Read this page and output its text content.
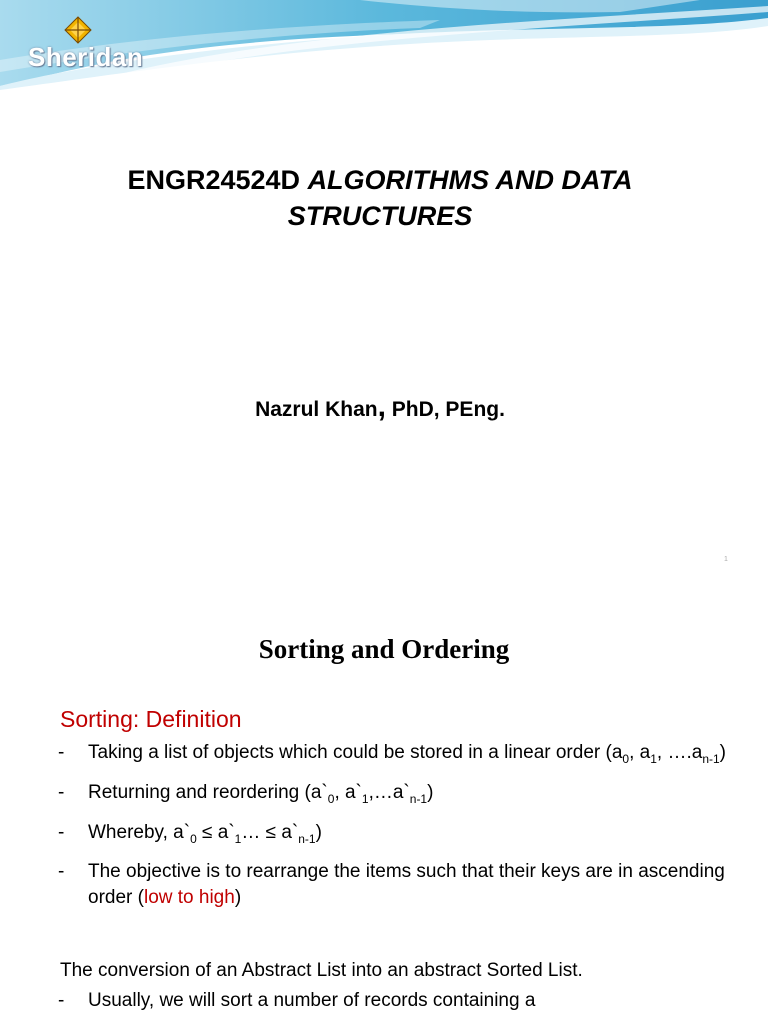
Sheridan
ENGR24524D ALGORITHMS AND DATA
STRUCTURES
Nazrul Khan, PhD, PEng.
1
Sorting and Ordering
Sorting: Definition
- Taking a list of objects which could be stored in a linear order ($a_0$, $a_1$, $\dots.a_{n-1}$)
- Returning and reordering ($a`_0$, $a`_1,\dots a`_{n-1}$)
- Whereby, $a`_0$ ≤ $a`_1\dots$ ≤ $a`_{n-1}$)
- The objective is to rearrange the items such that their keys are in ascending order (low to high)
The conversion of an Abstract List into an abstract Sorted List.
- Usually, we will sort a number of records containing a
